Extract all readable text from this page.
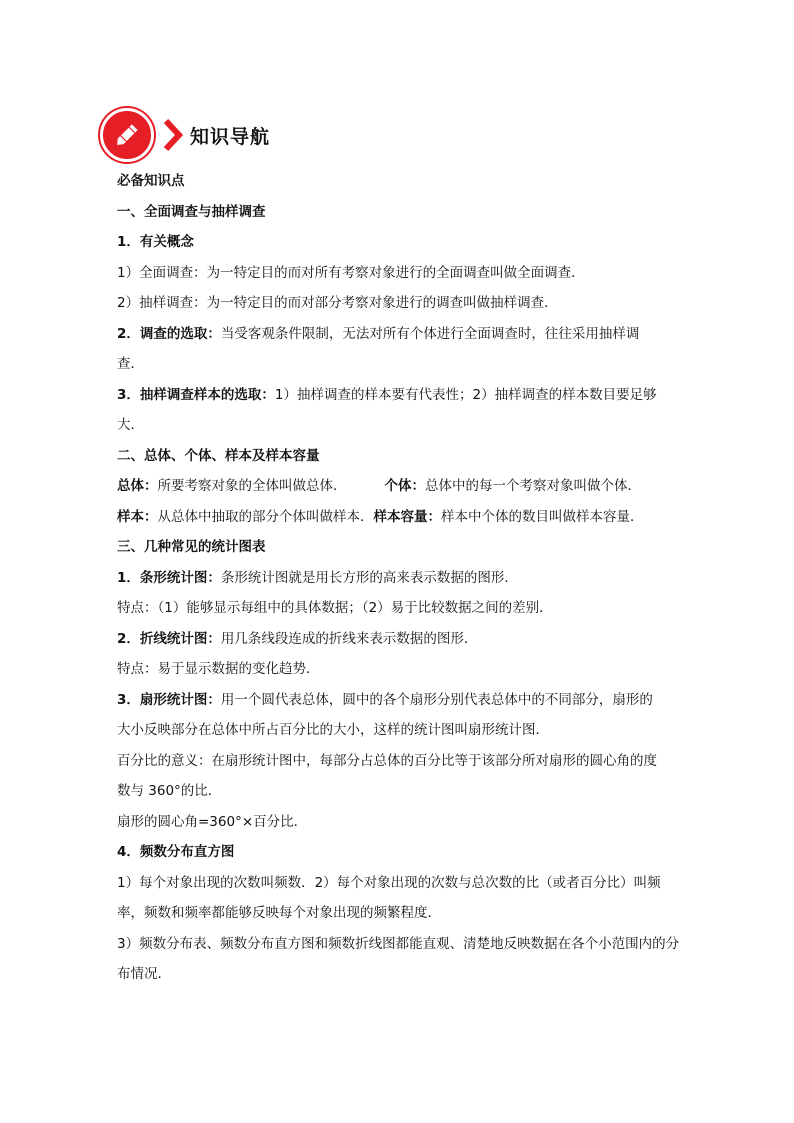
知识导航
必备知识点
一、全面调查与抽样调查
1．有关概念
1）全面调查：为一特定目的而对所有考察对象进行的全面调查叫做全面调查．
2）抽样调查：为一特定目的而对部分考察对象进行的调查叫做抽样调查．
2．调查的选取：当受客观条件限制，无法对所有个体进行全面调查时，往往采用抽样调
查．
3．抽样调查样本的选取：1）抽样调查的样本要有代表性；2）抽样调查的样本数目要足够
大．
二、总体、个体、样本及样本容量
总体：所要考察对象的全体叫做总体．	个体：总体中的每一个考察对象叫做个体．
样本：从总体中抽取的部分个体叫做样本．样本容量：样本中个体的数目叫做样本容量．
三、几种常见的统计图表
1．条形统计图：条形统计图就是用长方形的高来表示数据的图形．
特点：（1）能够显示每组中的具体数据；（2）易于比较数据之间的差别．
2．折线统计图：用几条线段连成的折线来表示数据的图形．
特点：易于显示数据的变化趋势．
3．扇形统计图：用一个圆代表总体，圆中的各个扇形分别代表总体中的不同部分，扇形的
大小反映部分在总体中所占百分比的大小，这样的统计图叫扇形统计图．
百分比的意义：在扇形统计图中，每部分占总体的百分比等于该部分所对扇形的圆心角的度
数与 360°的比．
扇形的圆心角=360°×百分比．
4．频数分布直方图
1）每个对象出现的次数叫频数．2）每个对象出现的次数与总次数的比（或者百分比）叫频
率，频数和频率都能够反映每个对象出现的频繁程度．
3）频数分布表、频数分布直方图和频数折线图都能直观、清楚地反映数据在各个小范围内的分
布情况．
